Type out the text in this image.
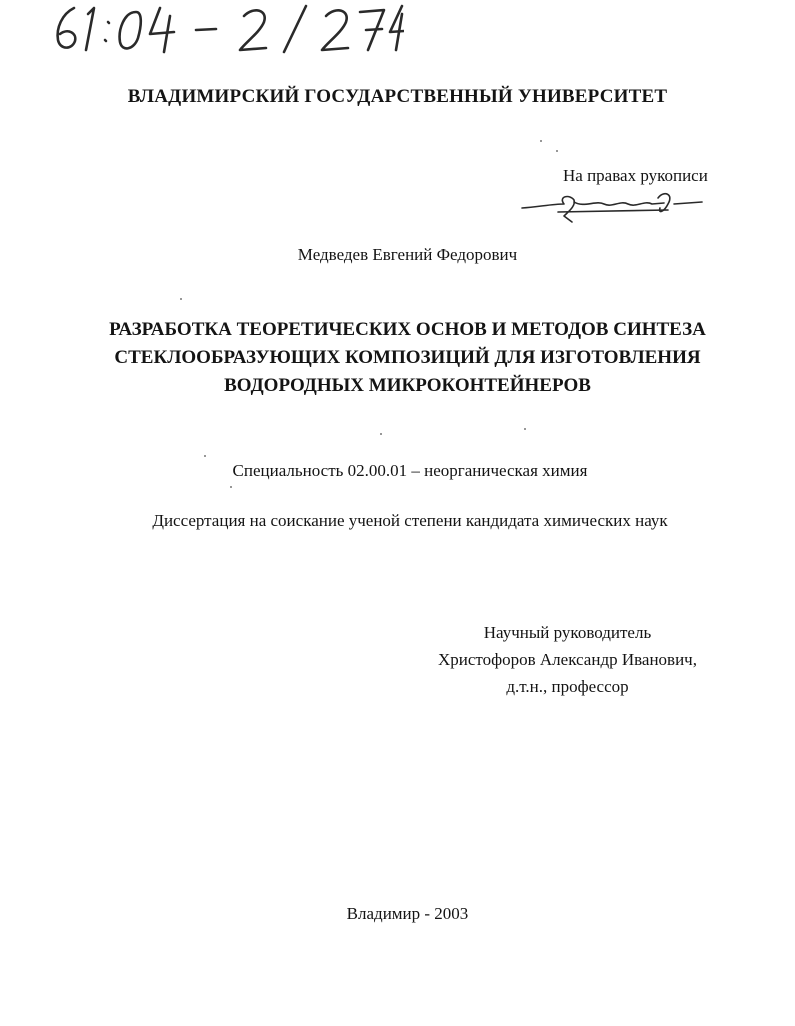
ВЛАДИМИРСКИЙ ГОСУДАРСТВЕННЫЙ УНИВЕРСИТЕТ
На правах рукописи
Медведев Евгений Федорович
РАЗРАБОТКА ТЕОРЕТИЧЕСКИХ ОСНОВ И МЕТОДОВ СИНТЕЗА
СТЕКЛООБРАЗУЮЩИХ КОМПОЗИЦИЙ ДЛЯ ИЗГОТОВЛЕНИЯ
ВОДОРОДНЫХ МИКРОКОНТЕЙНЕРОВ
Специальность 02.00.01 – неорганическая химия
Диссертация на соискание ученой степени кандидата химических наук
Научный руководитель
Христофоров Александр Иванович,
д.т.н., профессор
Владимир - 2003
